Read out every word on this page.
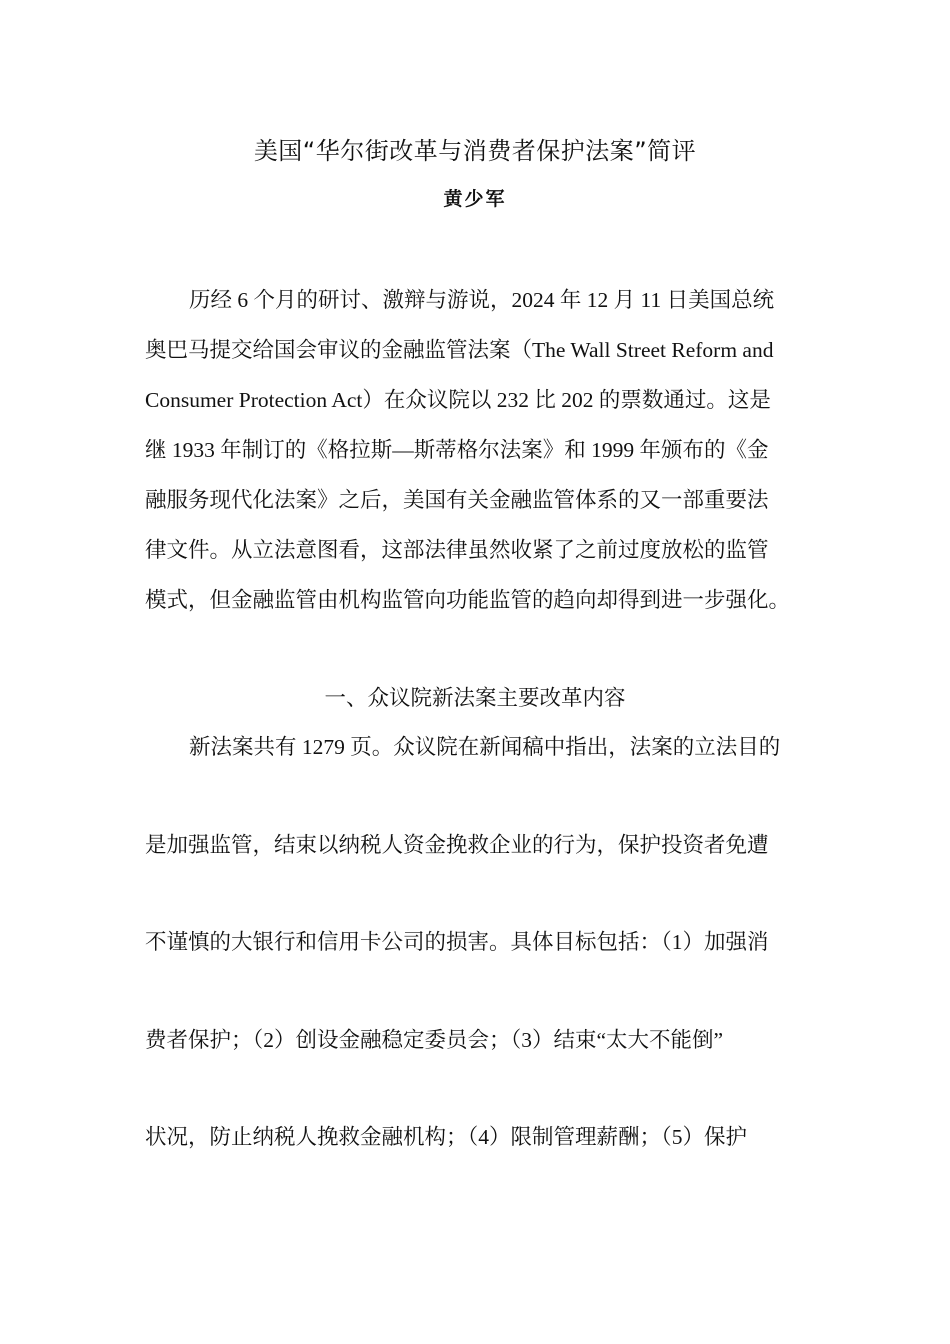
美国“华尔街改革与消费者保护法案”简评
黄少军
历经 6 个月的研讨、激辩与游说，2024 年 12 月 11 日美国总统
奥巴马提交给国会审议的金融监管法案（The Wall Street Reform and
Consumer Protection Act）在众议院以 232 比 202 的票数通过。这是
继 1933 年制订的《格拉斯—斯蒂格尔法案》和 1999 年颁布的《金
融服务现代化法案》之后，美国有关金融监管体系的又一部重要法
律文件。从立法意图看，这部法律虽然收紧了之前过度放松的监管
模式，但金融监管由机构监管向功能监管的趋向却得到进一步强化。
一、众议院新法案主要改革内容
新法案共有 1279 页。众议院在新闻稿中指出，法案的立法目的
是加强监管，结束以纳税人资金挽救企业的行为，保护投资者免遭
不谨慎的大银行和信用卡公司的损害。具体目标包括：（1）加强消
费者保护；（2）创设金融稳定委员会；（3）结束“太大不能倒”
状况，防止纳税人挽救金融机构；（4）限制管理薪酬；（5）保护
